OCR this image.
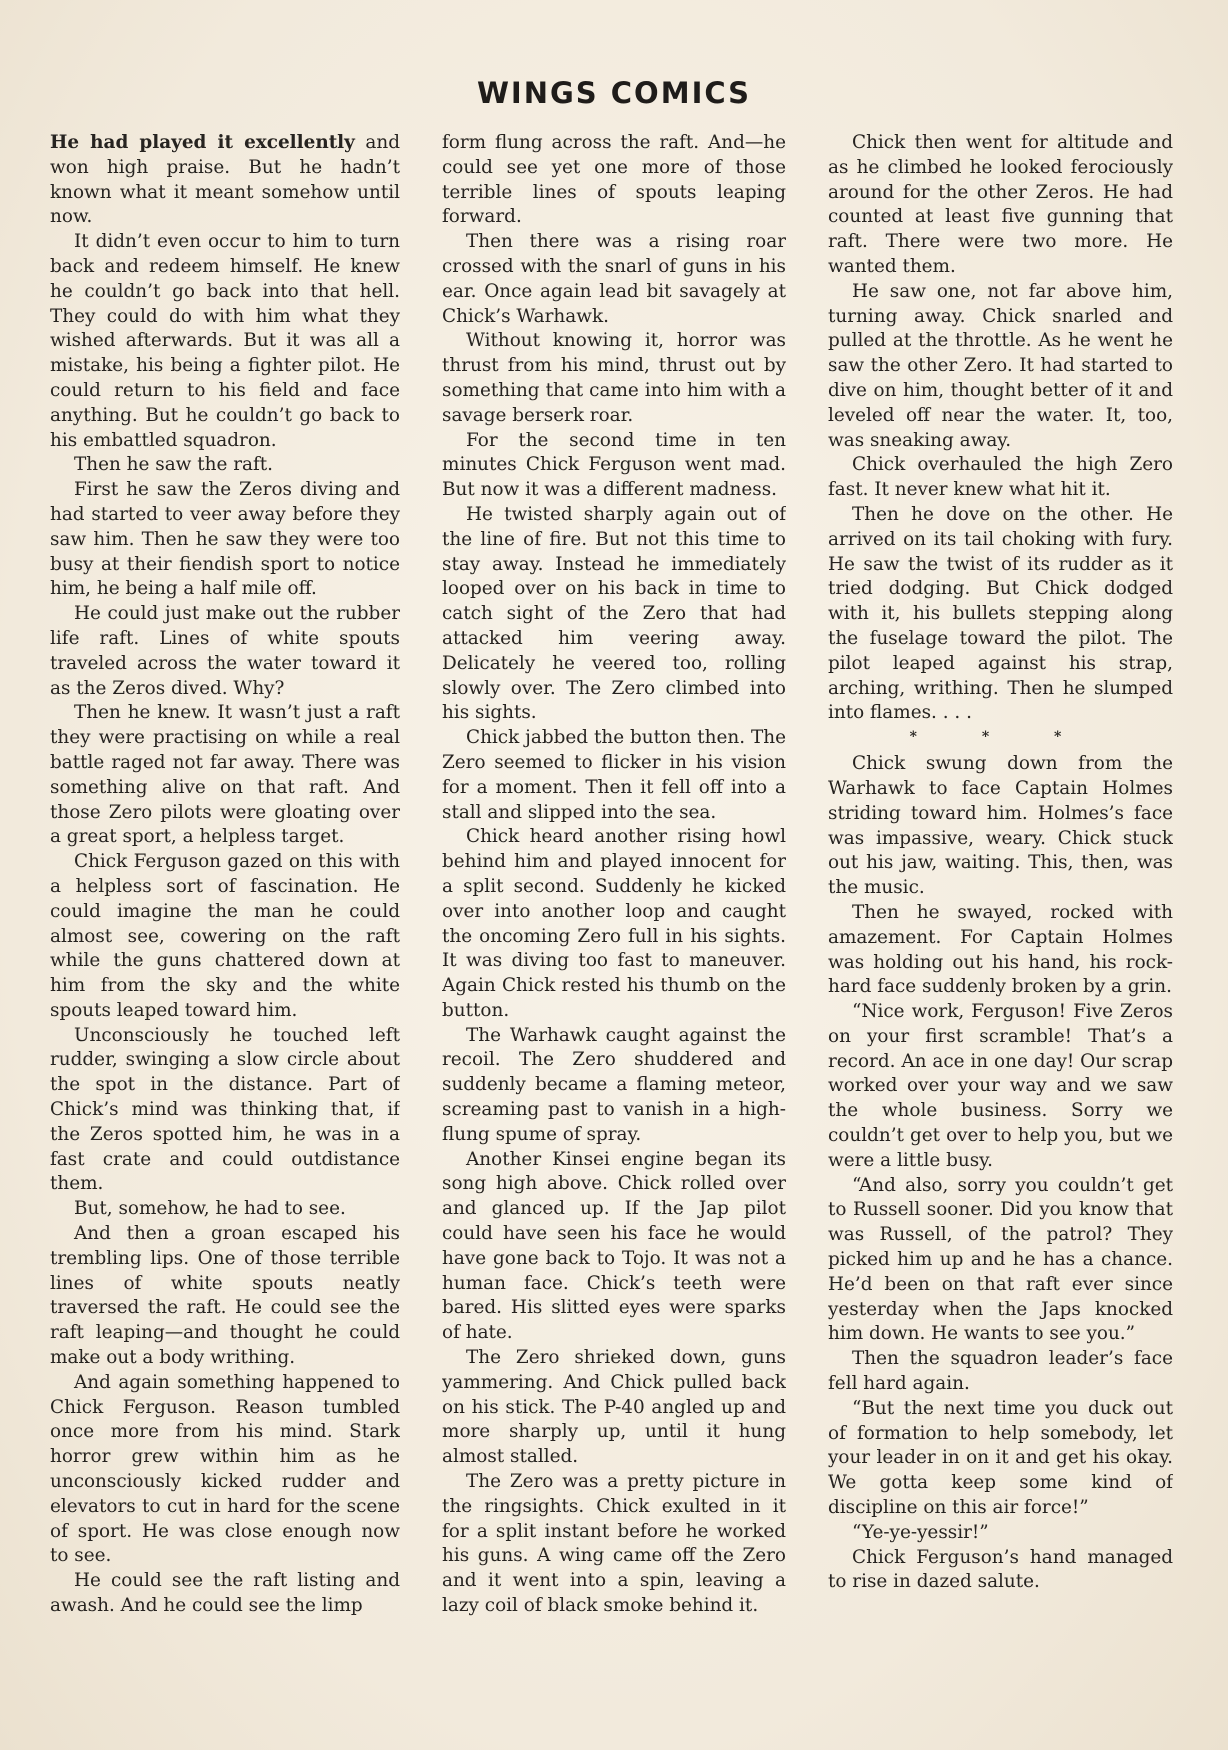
WINGS COMICS

He had played it excellently and won high praise. But he hadn’t known what it meant somehow until now.

It didn’t even occur to him to turn back and redeem himself. He knew he couldn’t go back into that hell. They could do with him what they wished afterwards. But it was all a mistake, his being a fighter pilot. He could return to his field and face anything. But he couldn’t go back to his embattled squadron.

Then he saw the raft.

First he saw the Zeros diving and had started to veer away before they saw him. Then he saw they were too busy at their fiendish sport to notice him, he being a half mile off.

He could just make out the rubber life raft. Lines of white spouts traveled across the water toward it as the Zeros dived. Why?

Then he knew. It wasn’t just a raft they were practising on while a real battle raged not far away. There was something alive on that raft. And those Zero pilots were gloating over a great sport, a helpless target.

Chick Ferguson gazed on this with a helpless sort of fascination. He could imagine the man he could almost see, cowering on the raft while the guns chattered down at him from the sky and the white spouts leaped toward him.

Unconsciously he touched left rudder, swinging a slow circle about the spot in the distance. Part of Chick’s mind was thinking that, if the Zeros spotted him, he was in a fast crate and could outdistance them.

But, somehow, he had to see.

And then a groan escaped his trembling lips. One of those terrible lines of white spouts neatly traversed the raft. He could see the raft leaping—and thought he could make out a body writhing.

And again something happened to Chick Ferguson. Reason tumbled once more from his mind. Stark horror grew within him as he unconsciously kicked rudder and elevators to cut in hard for the scene of sport. He was close enough now to see.

He could see the raft listing and awash. And he could see the limp

form flung across the raft. And—he could see yet one more of those terrible lines of spouts leaping forward.

Then there was a rising roar crossed with the snarl of guns in his ear. Once again lead bit savagely at Chick’s Warhawk.

Without knowing it, horror was thrust from his mind, thrust out by something that came into him with a savage berserk roar.

For the second time in ten minutes Chick Ferguson went mad. But now it was a different madness.

He twisted sharply again out of the line of fire. But not this time to stay away. Instead he immediately looped over on his back in time to catch sight of the Zero that had attacked him veering away. Delicately he veered too, rolling slowly over. The Zero climbed into his sights.

Chick jabbed the button then. The Zero seemed to flicker in his vision for a moment. Then it fell off into a stall and slipped into the sea.

Chick heard another rising howl behind him and played innocent for a split second. Suddenly he kicked over into another loop and caught the oncoming Zero full in his sights. It was diving too fast to maneuver. Again Chick rested his thumb on the button.

The Warhawk caught against the recoil. The Zero shuddered and suddenly became a flaming meteor, screaming past to vanish in a high-flung spume of spray.

Another Kinsei engine began its song high above. Chick rolled over and glanced up. If the Jap pilot could have seen his face he would have gone back to Tojo. It was not a human face. Chick’s teeth were bared. His slitted eyes were sparks of hate.

The Zero shrieked down, guns yammering. And Chick pulled back on his stick. The P-40 angled up and more sharply up, until it hung almost stalled.

The Zero was a pretty picture in the ringsights. Chick exulted in it for a split instant before he worked his guns. A wing came off the Zero and it went into a spin, leaving a lazy coil of black smoke behind it.

Chick then went for altitude and as he climbed he looked ferociously around for the other Zeros. He had counted at least five gunning that raft. There were two more. He wanted them.

He saw one, not far above him, turning away. Chick snarled and pulled at the throttle. As he went he saw the other Zero. It had started to dive on him, thought better of it and leveled off near the water. It, too, was sneaking away.

Chick overhauled the high Zero fast. It never knew what hit it.

Then he dove on the other. He arrived on its tail choking with fury. He saw the twist of its rudder as it tried dodging. But Chick dodged with it, his bullets stepping along the fuselage toward the pilot. The pilot leaped against his strap, arching, writhing. Then he slumped into flames. . . .

* * *

Chick swung down from the Warhawk to face Captain Holmes striding toward him. Holmes’s face was impassive, weary. Chick stuck out his jaw, waiting. This, then, was the music.

Then he swayed, rocked with amazement. For Captain Holmes was holding out his hand, his rock-hard face suddenly broken by a grin.

“Nice work, Ferguson! Five Zeros on your first scramble! That’s a record. An ace in one day! Our scrap worked over your way and we saw the whole business. Sorry we couldn’t get over to help you, but we were a little busy.

“And also, sorry you couldn’t get to Russell sooner. Did you know that was Russell, of the patrol? They picked him up and he has a chance. He’d been on that raft ever since yesterday when the Japs knocked him down. He wants to see you.”

Then the squadron leader’s face fell hard again.

“But the next time you duck out of formation to help somebody, let your leader in on it and get his okay. We gotta keep some kind of discipline on this air force!”

“Ye-ye-yessir!”

Chick Ferguson’s hand managed to rise in dazed salute.
